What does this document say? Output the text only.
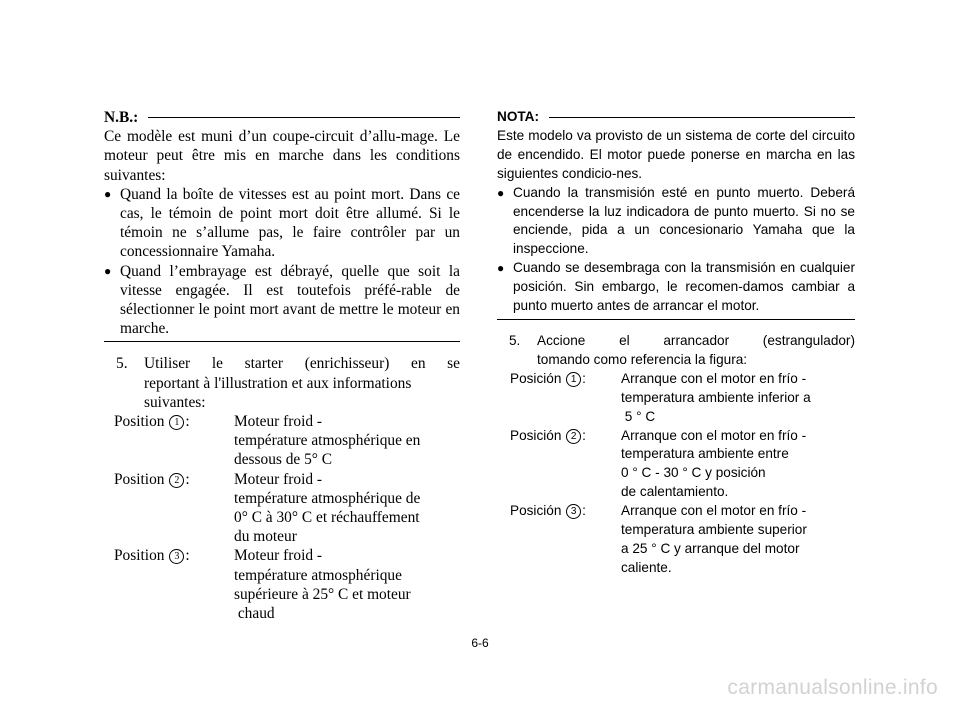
N.B.:

Ce modèle est muni d’un coupe-circuit d’allu-mage. Le moteur peut être mis en marche dans les conditions suivantes:

● Quand la boîte de vitesses est au point mort. Dans ce cas, le témoin de point mort doit être allumé. Si le témoin ne s’allume pas, le faire contrôler par un concessionnaire Yamaha.
● Quand l’embrayage est débrayé, quelle que soit la vitesse engagée. Il est toutefois préfé-rable de sélectionner le point mort avant de mettre le moteur en marche.
5.	Utiliser le starter (enrichisseur) en se
reportant à l'illustration et aux informations suivantes:
Position 1 :	Moteur froid -
température atmosphérique en
dessous de 5° C
Position 2 :	Moteur froid -
température atmosphérique de
0° C à 30° C et réchauffement
du moteur
Position 3 :	Moteur froid -
température atmosphérique
supérieure à 25° C et moteur
chaud
NOTA:

Este modelo va provisto de un sistema de corte del circuito de encendido. El motor puede ponerse en marcha en las siguientes condicio-nes.

● Cuando la transmisión esté en punto muerto. Deberá encenderse la luz indicadora de punto muerto. Si no se enciende, pida a un concesionario Yamaha que la inspeccione.
● Cuando se desembraga con la transmisión en cualquier posición. Sin embargo, le recomen-damos cambiar a punto muerto antes de arrancar el motor.
5.	Accione el arrancador (estrangulador)
tomando como referencia la figura:
Posición 1 :	Arranque con el motor en frío -
temperatura ambiente inferior a
5 ° C
Posición 2 :	Arranque con el motor en frío -
temperatura ambiente entre
0 ° C - 30 ° C y posición
de calentamiento.
Posición 3 :	Arranque con el motor en frío -
temperatura ambiente superior
a 25 ° C y arranque del motor
caliente.
6-6
carmanualsonline.info
